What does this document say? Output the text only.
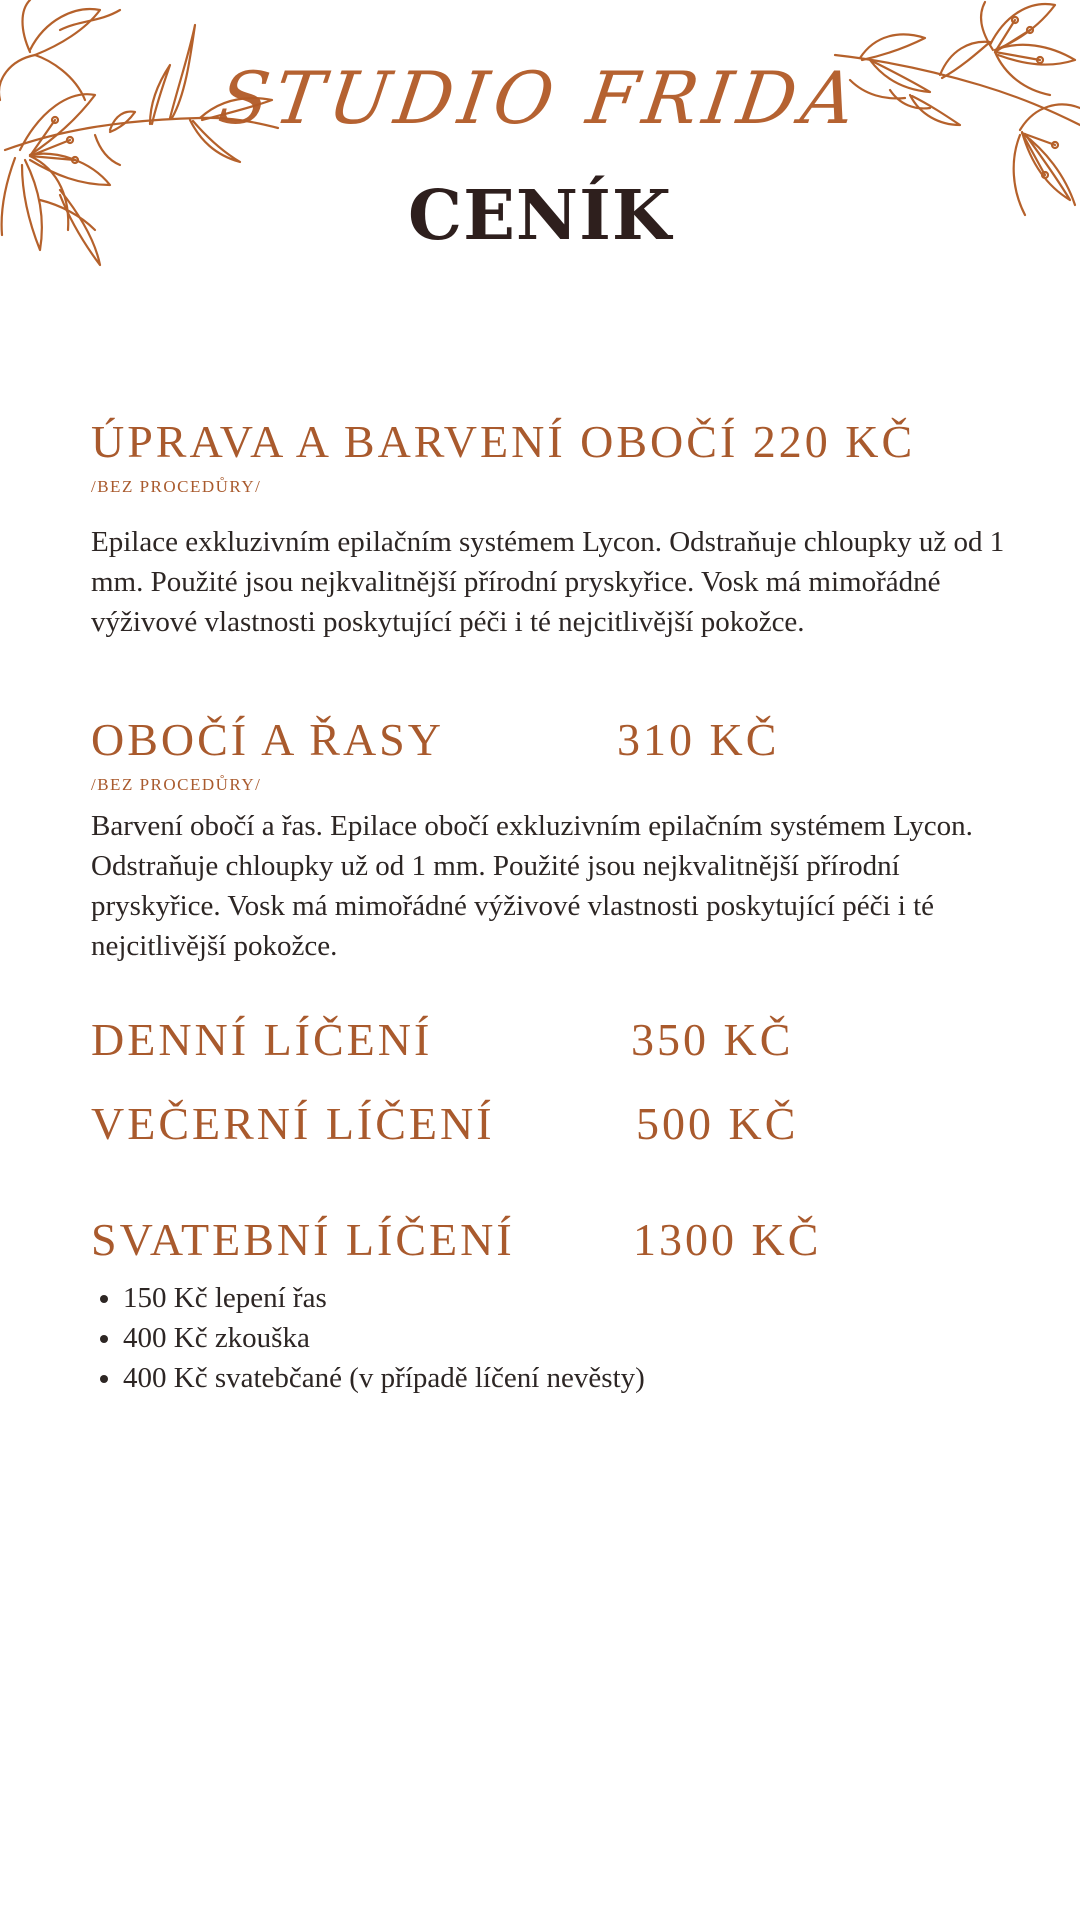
STUDIO FRIDA
CENÍK
ÚPRAVA A BARVENÍ OBOČÍ 220 KČ
/BEZ PROCEDŮRY/

Epilace exkluzivním epilačním systémem Lycon. Odstraňuje chloupky už od 1 mm. Použité jsou nejkvalitnější přírodní pryskyřice. Vosk má mimořádné výživové vlastnosti poskytující péči i té nejcitlivější pokožce.

OBOČÍ A ŘASY	310 KČ
/BEZ PROCEDŮRY/

Barvení obočí a řas. Epilace obočí exkluzivním epilačním systémem Lycon. Odstraňuje chloupky už od 1 mm. Použité jsou nejkvalitnější přírodní pryskyřice. Vosk má mimořádné výživové vlastnosti poskytující péči i té nejcitlivější pokožce.

DENNÍ LÍČENÍ	350 KČ
VEČERNÍ LÍČENÍ	500 KČ
SVATEBNÍ LÍČENÍ	1300 KČ
• 150 Kč lepení řas
• 400 Kč zkouška
• 400 Kč svatebčané (v případě líčení nevěsty)
